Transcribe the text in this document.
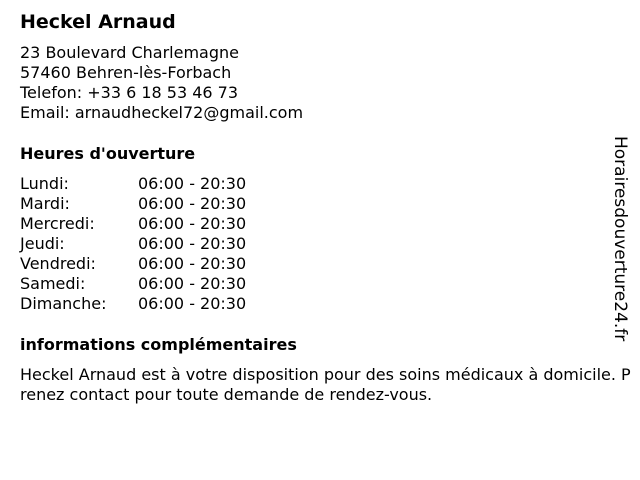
Heckel Arnaud
23 Boulevard Charlemagne
57460 Behren-lès-Forbach
Telefon: +33 6 18 53 46 73
Email: arnaudheckel72@gmail.com
Heures d'ouverture
Lundi:	06:00 - 20:30
Mardi:	06:00 - 20:30
Mercredi:	06:00 - 20:30
Jeudi:	06:00 - 20:30
Vendredi:	06:00 - 20:30
Samedi:	06:00 - 20:30
Dimanche:	06:00 - 20:30
informations complémentaires
Heckel Arnaud est à votre disposition pour des soins médicaux à domicile. Prenez contact pour toute demande de rendez-vous.
Horairesdouverture24.fr
